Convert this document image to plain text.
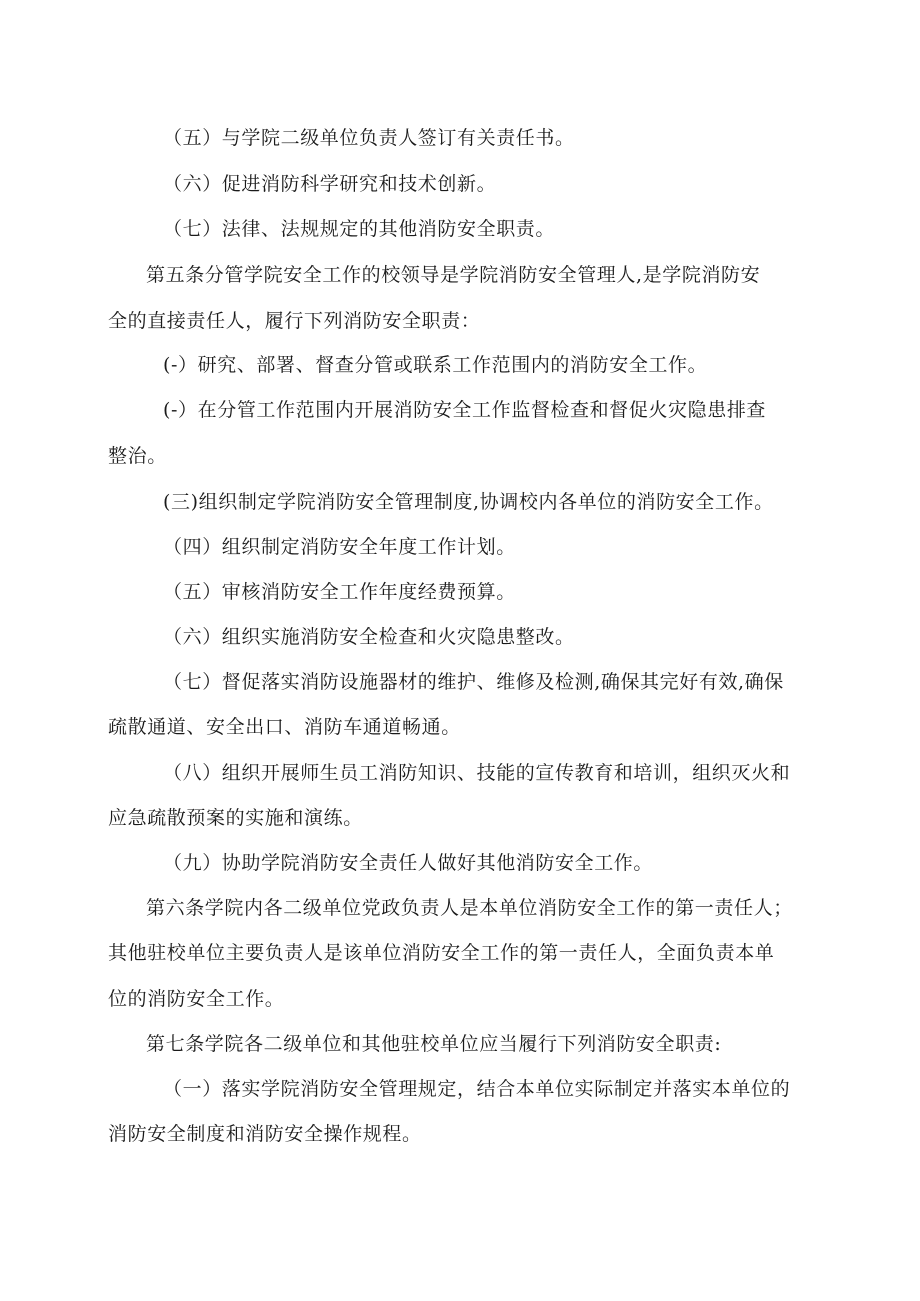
（五）与学院二级单位负责人签订有关责任书。
（六）促进消防科学研究和技术创新。
（七）法律、法规规定的其他消防安全职责。
第五条分管学院安全工作的校领导是学院消防安全管理人,是学院消防安
全的直接责任人，履行下列消防安全职责：
(-）研究、部署、督查分管或联系工作范围内的消防安全工作。
(-）在分管工作范围内开展消防安全工作监督检查和督促火灾隐患排查
整治。
(三)组织制定学院消防安全管理制度,协调校内各单位的消防安全工作。
（四）组织制定消防安全年度工作计划。
（五）审核消防安全工作年度经费预算。
（六）组织实施消防安全检查和火灾隐患整改。
（七）督促落实消防设施器材的维护、维修及检测,确保其完好有效,确保
疏散通道、安全出口、消防车通道畅通。
（八）组织开展师生员工消防知识、技能的宣传教育和培训，组织灭火和
应急疏散预案的实施和演练。
（九）协助学院消防安全责任人做好其他消防安全工作。
第六条学院内各二级单位党政负责人是本单位消防安全工作的第一责任人；
其他驻校单位主要负责人是该单位消防安全工作的第一责任人，全面负责本单
位的消防安全工作。
第七条学院各二级单位和其他驻校单位应当履行下列消防安全职责:
（一）落实学院消防安全管理规定，结合本单位实际制定并落实本单位的
消防安全制度和消防安全操作规程。
